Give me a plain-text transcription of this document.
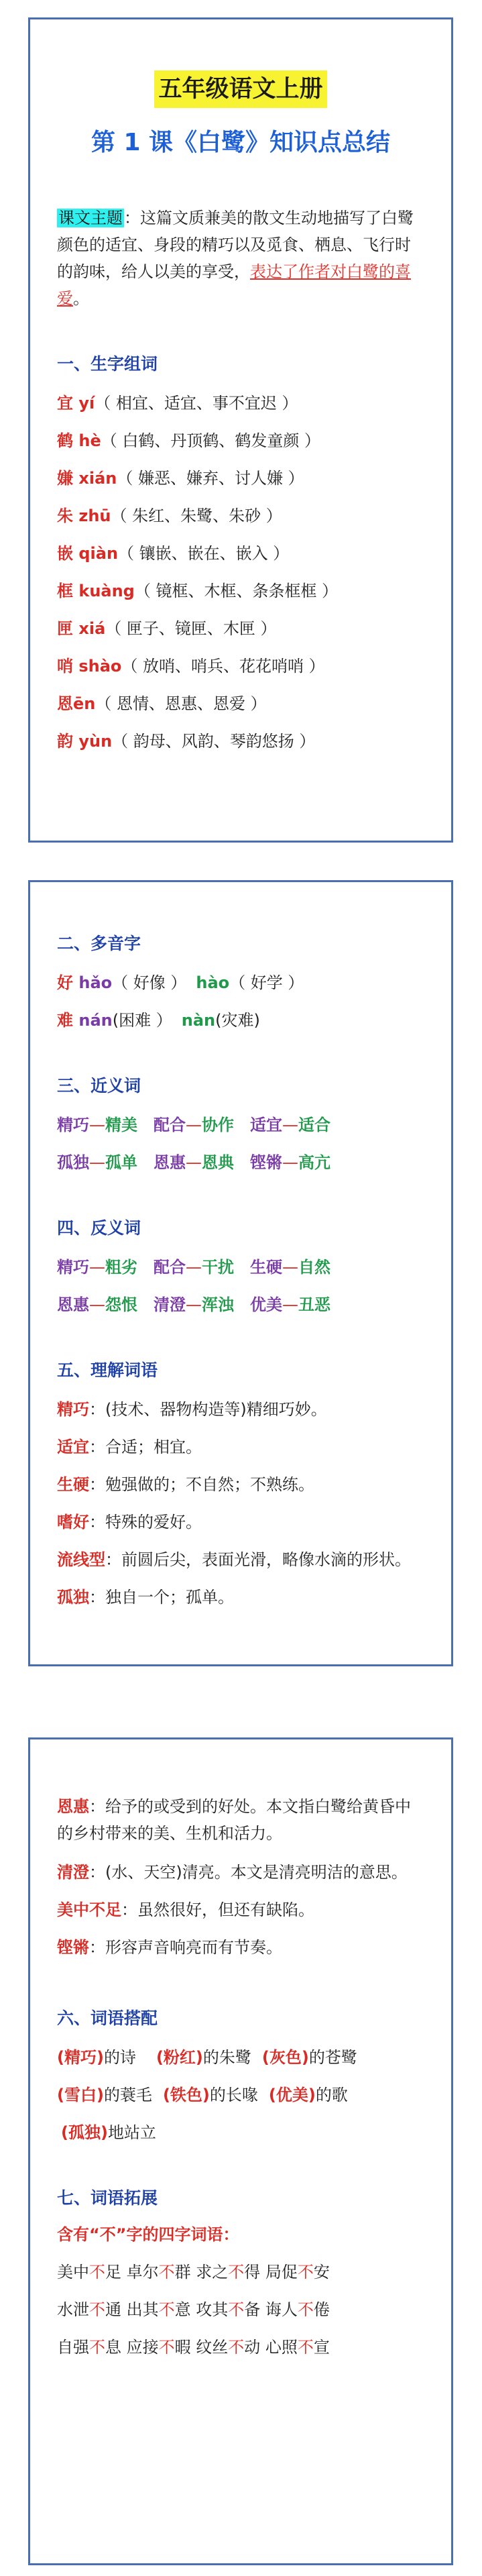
五年级语文上册
第 1 课《白鹭》知识点总结
课文主题：这篇文质兼美的散文生动地描写了白鹭颜色的适宜、身段的精巧以及觅食、栖息、飞行时的韵味，给人以美的享受，表达了作者对白鹭的喜爱。
一、生字组词
宜 yí（ 相宜、适宜、事不宜迟 ）
鹤 hè（ 白鹤、丹顶鹤、鹤发童颜 ）
嫌 xián（ 嫌恶、嫌弃、讨人嫌 ）
朱 zhū（ 朱红、朱鹭、朱砂 ）
嵌 qiàn（ 镶嵌、嵌在、嵌入 ）
框 kuàng（ 镜框、木框、条条框框 ）
匣 xiá（ 匣子、镜匣、木匣 ）
哨 shào（ 放哨、哨兵、花花哨哨 ）
恩ēn（ 恩情、恩惠、恩爱 ）
韵 yùn（ 韵母、风韵、琴韵悠扬 ）
二、多音字
好 hǎo（ 好像 ） hào（ 好学 ）
难 nán(困难 ） nàn(灾难)
三、近义词
精巧—精美 配合—协作 适宜—适合
孤独—孤单 恩惠—恩典 铿锵—高亢
四、反义词
精巧—粗劣 配合—干扰 生硬—自然
恩惠—怨恨 清澄—浑浊 优美—丑恶
五、理解词语
精巧：(技术、器物构造等)精细巧妙。
适宜：合适；相宜。
生硬：勉强做的；不自然；不熟练。
嗜好：特殊的爱好。
流线型：前圆后尖，表面光滑，略像水滴的形状。
孤独：独自一个；孤单。
恩惠：给予的或受到的好处。本文指白鹭给黄昏中的乡村带来的美、生机和活力。
清澄：(水、天空)清亮。本文是清亮明洁的意思。
美中不足：虽然很好，但还有缺陷。
铿锵：形容声音响亮而有节奏。
六、词语搭配
(精巧)的诗 (粉红)的朱鹭 (灰色)的苍鹭
(雪白)的蓑毛 (铁色)的长喙 (优美)的歌
(孤独)地站立
七、词语拓展
含有“不”字的四字词语：
美中不足 卓尔不群 求之不得 局促不安
水泄不通 出其不意 攻其不备 诲人不倦
自强不息 应接不暇 纹丝不动 心照不宣
